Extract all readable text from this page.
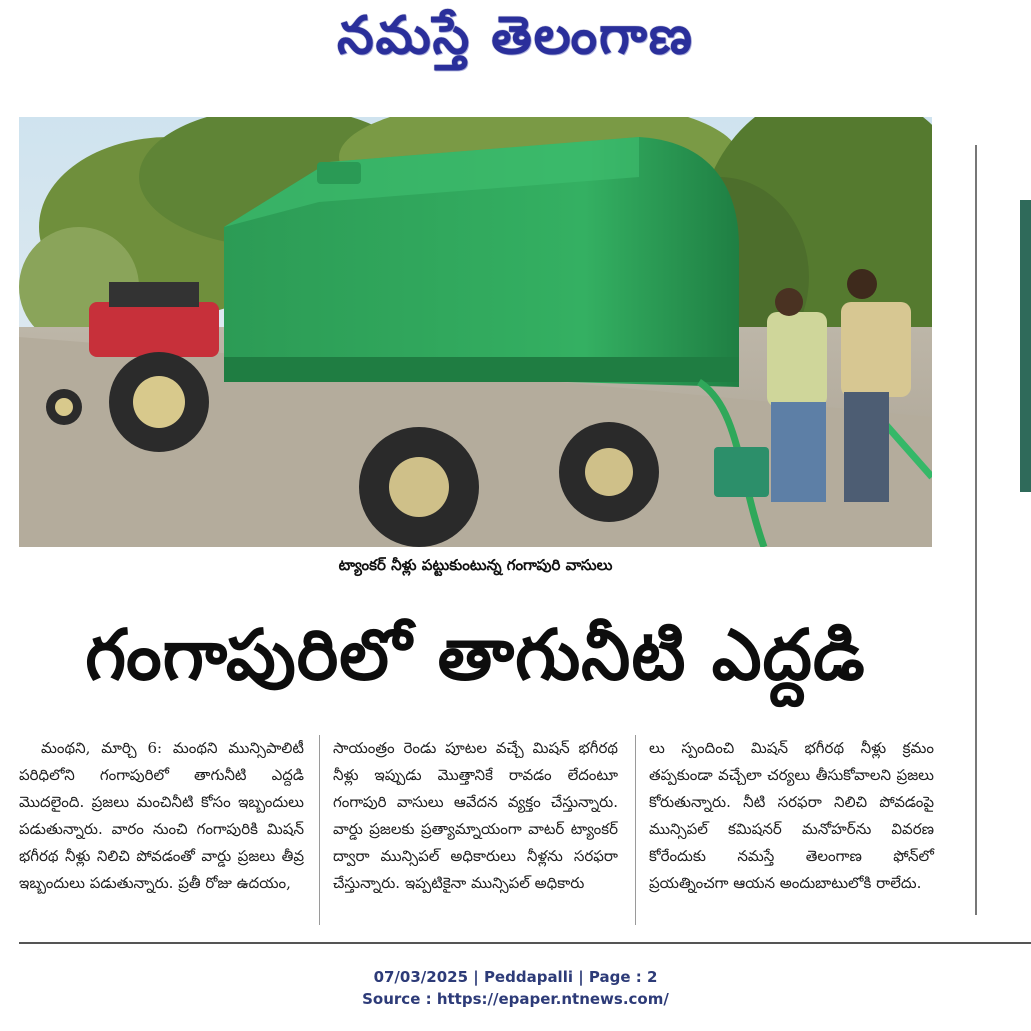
నమస్తే తెలంగాణ
ట్యాంకర్ నీళ్లు పట్టుకుంటున్న గంగాపురి వాసులు
గంగాపురిలో తాగునీటి ఎద్దడి
మంథని, మార్చి 6: మంథని మున్సిపాలిటీ పరిధిలోని గంగాపురిలో తాగునీటి ఎద్దడి మొదలైంది. ప్రజలు మంచినీటి కోసం ఇబ్బందులు పడుతున్నారు. వారం నుంచి గంగాపురికి మిషన్ భగీరథ నీళ్లు నిలిచి పోవడంతో వార్డు ప్రజలు తీవ్ర ఇబ్బందులు పడుతున్నారు. ప్రతీ రోజు ఉదయం,
సాయంత్రం రెండు పూటల వచ్చే మిషన్ భగీరథ నీళ్లు ఇప్పుడు మొత్తానికే రావడం లేదంటూ గంగాపురి వాసులు ఆవేదన వ్యక్తం చేస్తున్నారు. వార్డు ప్రజలకు ప్రత్యామ్నాయంగా వాటర్ ట్యాంకర్ ద్వారా మున్సిపల్ అధికారులు నీళ్లను సరఫరా చేస్తున్నారు. ఇప్పటికైనా మున్సిపల్ అధికారు
లు స్పందించి మిషన్ భగీరథ నీళ్లు క్రమం తప్పకుండా వచ్చేలా చర్యలు తీసుకోవాలని ప్రజలు కోరుతున్నారు. నీటి సరఫరా నిలిచి పోవడంపై మున్సిపల్ కమిషనర్ మనోహర్‌ను వివరణ కోరేందుకు నమస్తే తెలంగాణ ఫోన్‌లో ప్రయత్నించగా ఆయన అందుబాటులోకి రాలేదు.
07/03/2025 | Peddapalli | Page : 2
Source : https://epaper.ntnews.com/
